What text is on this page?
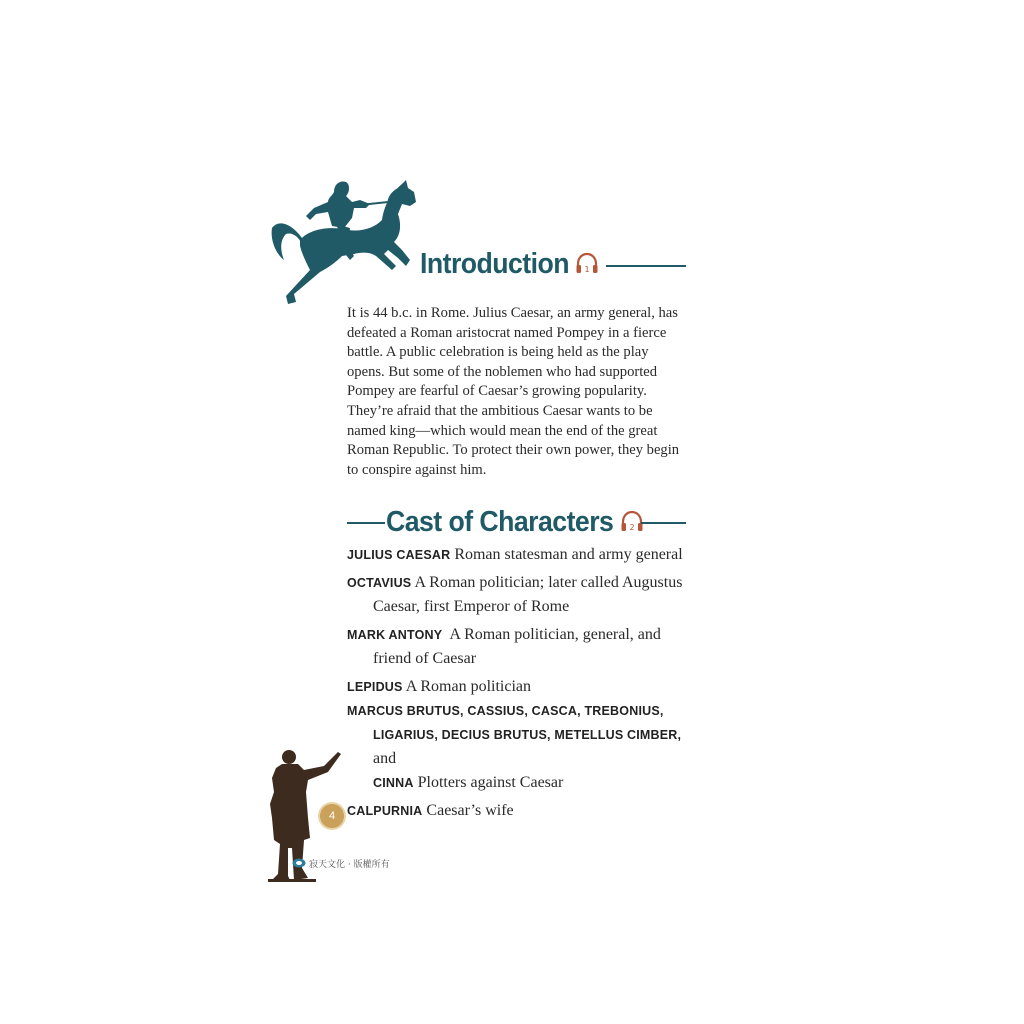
Introduction 1

It is 44 b.c. in Rome. Julius Caesar, an army general, has defeated a Roman aristocrat named Pompey in a fierce battle. A public celebration is being held as the play opens. But some of the noblemen who had supported Pompey are fearful of Caesar’s growing popularity. They’re afraid that the ambitious Caesar wants to be named king—which would mean the end of the great Roman Republic. To protect their own power, they begin to conspire against him.

Cast of Characters 2

JULIUS CAESAR Roman statesman and army general

OCTAVIUS A Roman politician; later called Augustus Caesar, first Emperor of Rome

MARK ANTONY A Roman politician, general, and friend of Caesar

LEPIDUS A Roman politician

MARCUS BRUTUS, CASSIUS, CASCA, TREBONIUS,
LIGARIUS, DECIUS BRUTUS, METELLUS CIMBER, and
CINNA Plotters against Caesar

CALPURNIA Caesar’s wife

4
寂天文化 · 版權所有
